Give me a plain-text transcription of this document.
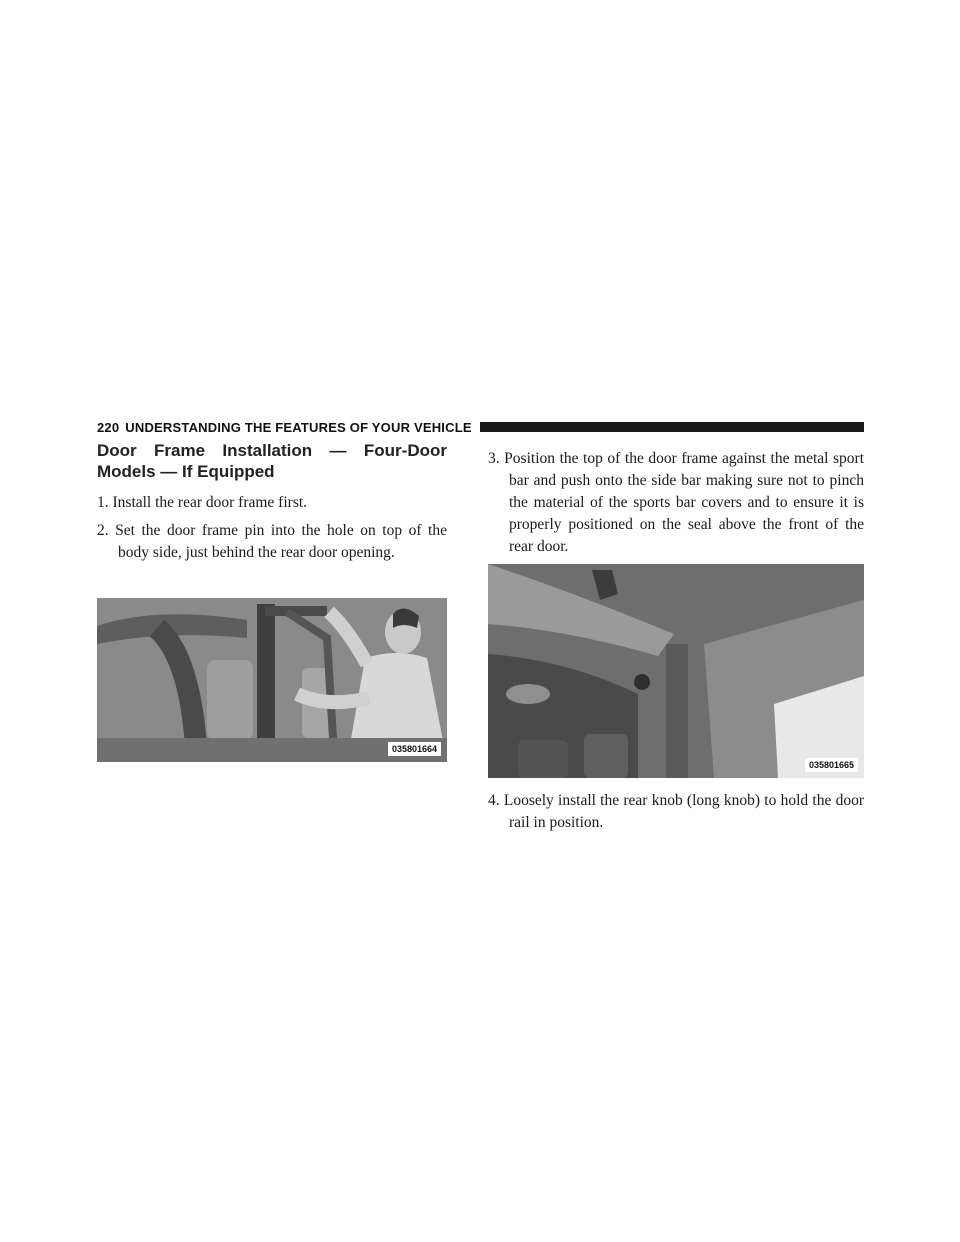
220 UNDERSTANDING THE FEATURES OF YOUR VEHICLE
Door Frame Installation — Four-Door Models — If Equipped

1. Install the rear door frame first.

2. Set the door frame pin into the hole on top of the body side, just behind the rear door opening.

035801664

3. Position the top of the door frame against the metal sport bar and push onto the side bar making sure not to pinch the material of the sports bar covers and to ensure it is properly positioned on the seal above the front of the rear door.

035801665

4. Loosely install the rear knob (long knob) to hold the door rail in position.
